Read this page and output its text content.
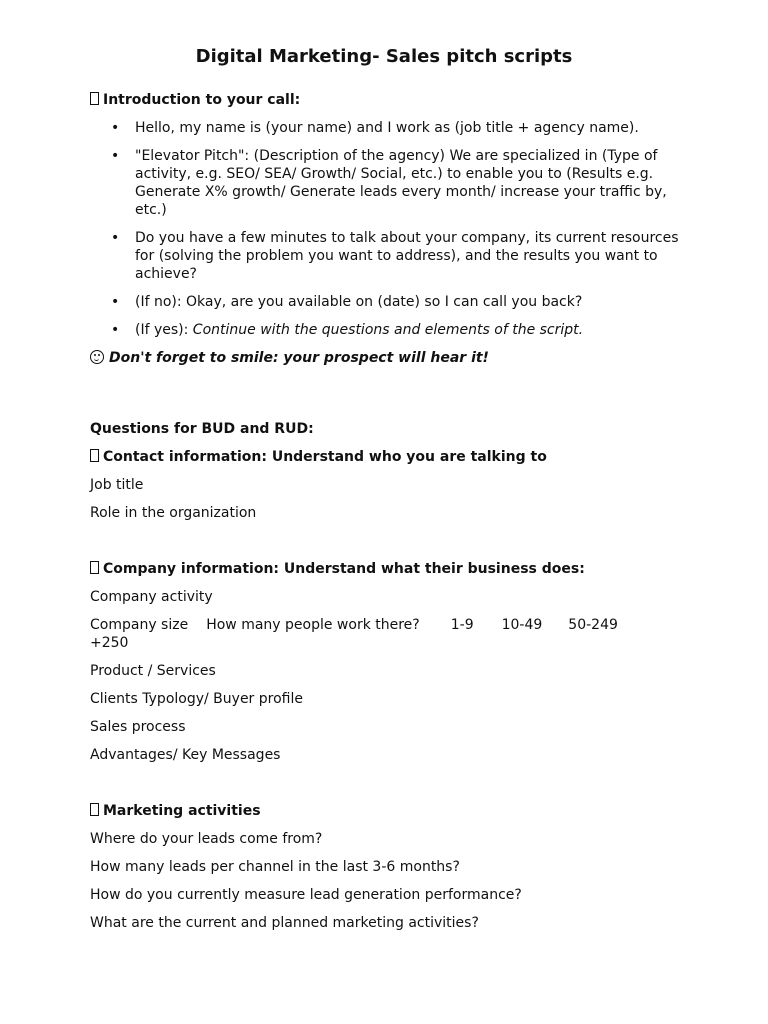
Digital Marketing- Sales pitch scripts

Introduction to your call:

• Hello, my name is (your name) and I work as (job title + agency name).
• "Elevator Pitch": (Description of the agency) We are specialized in (Type of activity, e.g. SEO/ SEA/ Growth/ Social, etc.) to enable you to (Results e.g. Generate X% growth/ Generate leads every month/ increase your traffic by, etc.)
• Do you have a few minutes to talk about your company, its current resources for (solving the problem you want to address), and the results you want to achieve?
• (If no): Okay, are you available on (date) so I can call you back?
• (If yes): Continue with the questions and elements of the script.

Don't forget to smile: your prospect will hear it!

Questions for BUD and RUD:

Contact information: Understand who you are talking to

Job title

Role in the organization

Company information: Understand what their business does:

Company activity

Company size How many people work there? 1-9 10-49 50-249
+250

Product / Services

Clients Typology/ Buyer profile

Sales process

Advantages/ Key Messages

Marketing activities

Where do your leads come from?

How many leads per channel in the last 3-6 months?

How do you currently measure lead generation performance?

What are the current and planned marketing activities?
